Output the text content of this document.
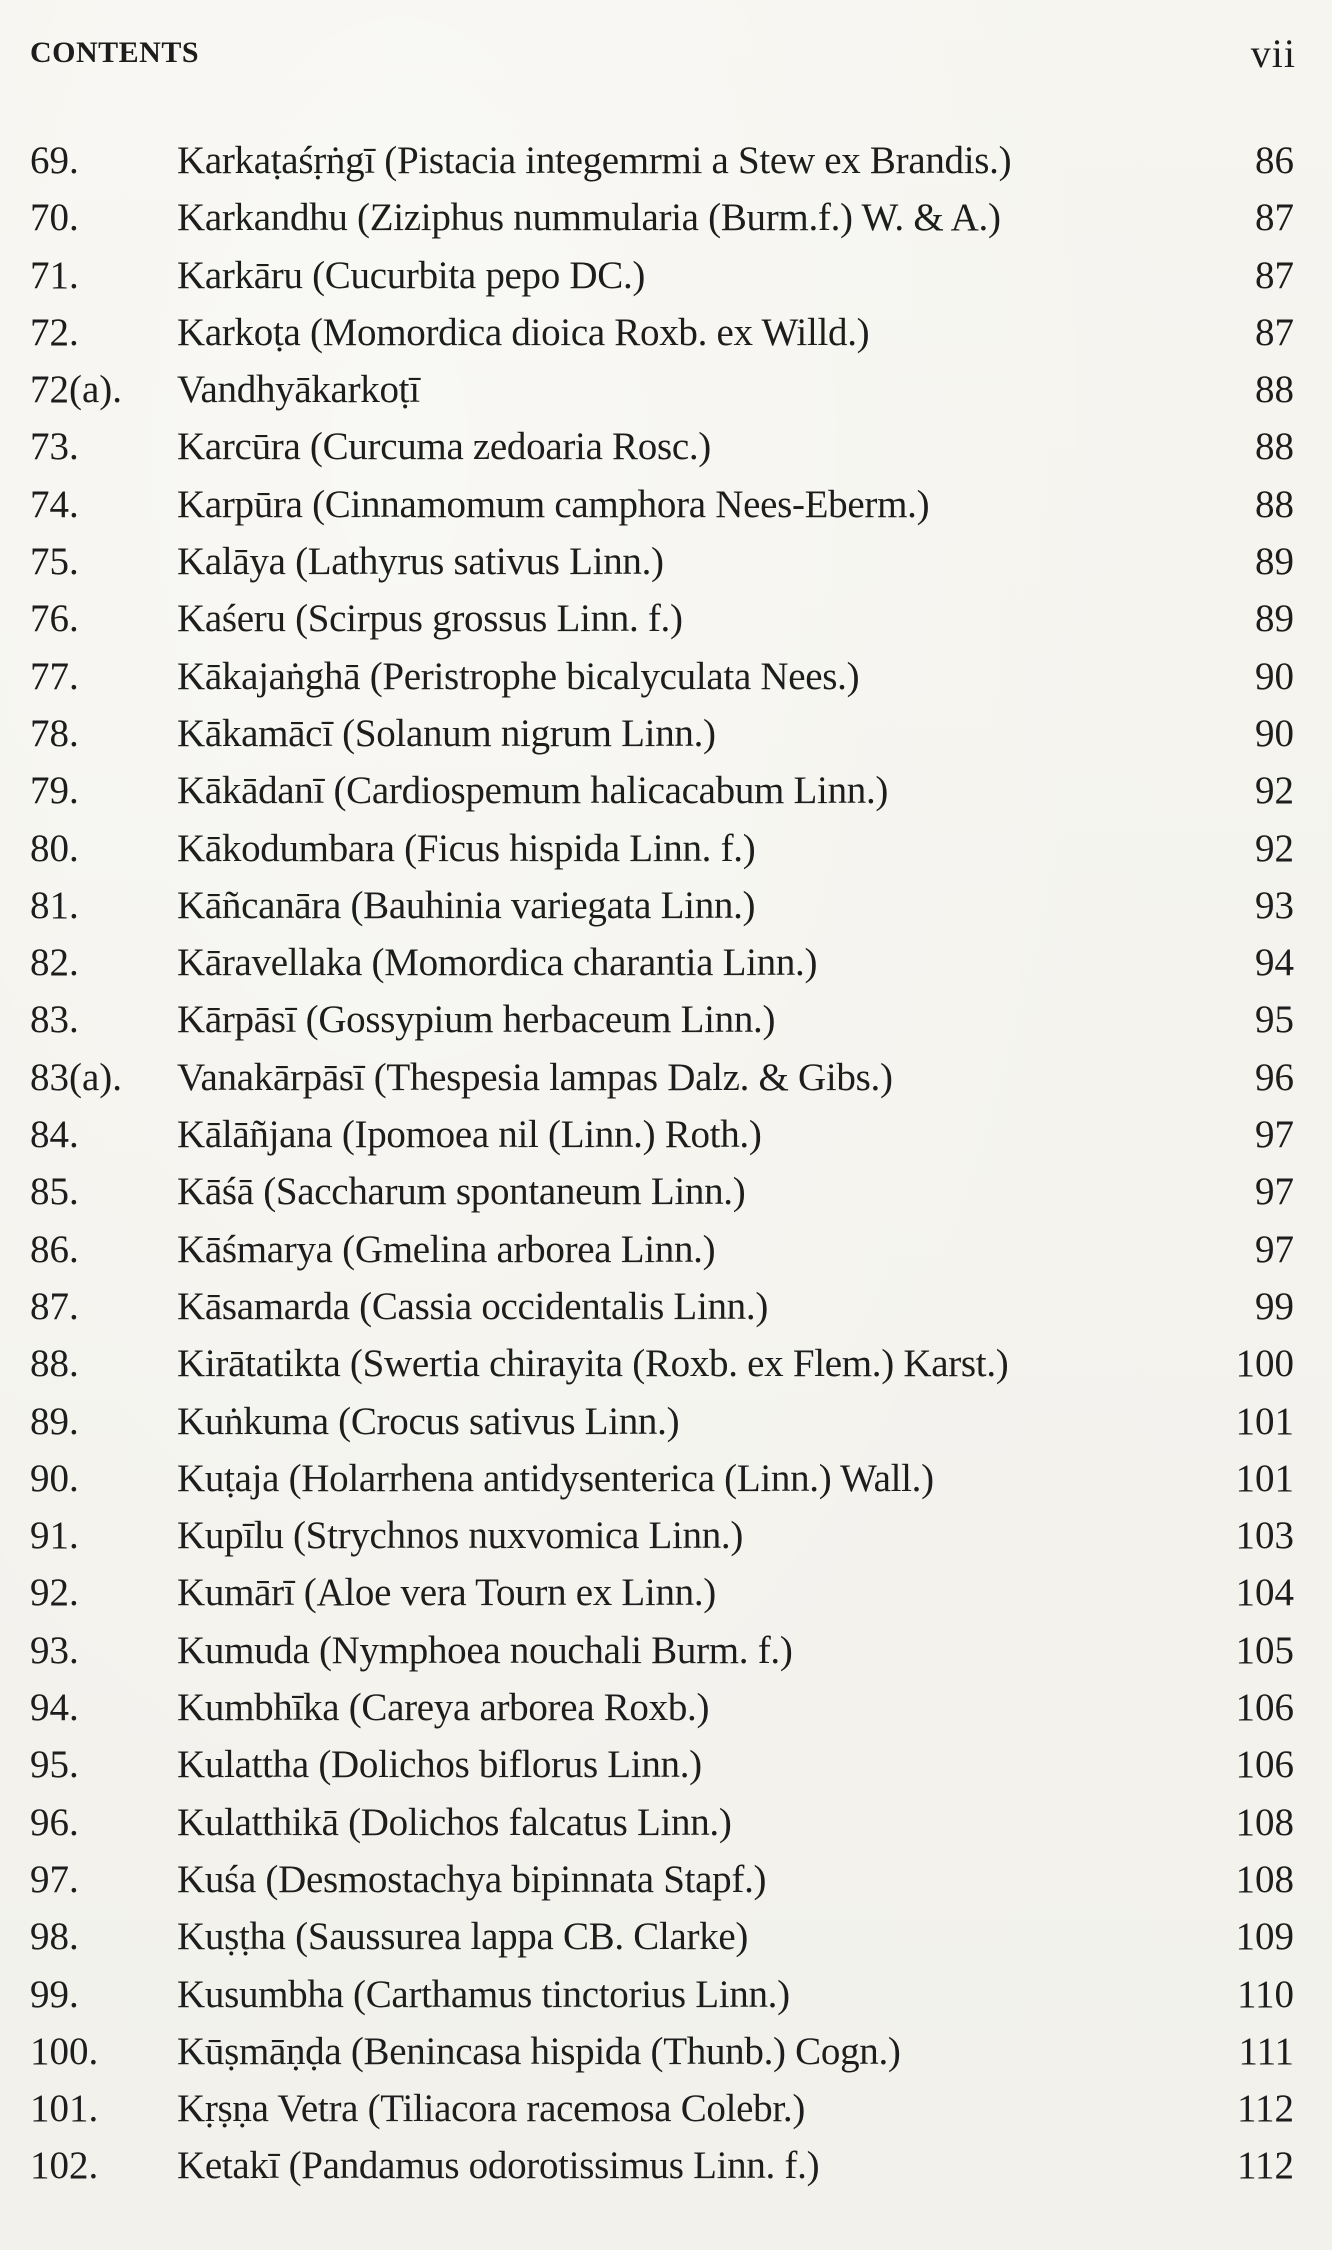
CONTENTS	vii
69.	Karkaṭaśṛṅgī (Pistacia integemrmi a Stew ex Brandis.)	86
70.	Karkandhu (Ziziphus nummularia (Burm.f.) W. & A.)	87
71.	Karkāru (Cucurbita pepo DC.)	87
72.	Karkoṭa (Momordica dioica Roxb. ex Willd.)	87
72(a). Vandhyākarkoṭī	88
73.	Karcūra (Curcuma zedoaria Rosc.)	88
74.	Karpūra (Cinnamomum camphora Nees-Eberm.)	88
75.	Kalāya (Lathyrus sativus Linn.)	89
76.	Kaśeru (Scirpus grossus Linn. f.)	89
77.	Kākajaṅghā (Peristrophe bicalyculata Nees.)	90
78.	Kākamācī (Solanum nigrum Linn.)	90
79.	Kākādanī (Cardiospemum halicacabum Linn.)	92
80.	Kākodumbara (Ficus hispida Linn. f.)	92
81.	Kāñcanāra (Bauhinia variegata Linn.)	93
82.	Kāravellaka (Momordica charantia Linn.)	94
83.	Kārpāsī (Gossypium herbaceum Linn.)	95
83(a). Vanakārpāsī (Thespesia lampas Dalz. & Gibs.)	96
84.	Kālāñjana (Ipomoea nil (Linn.) Roth.)	97
85.	Kāśā (Saccharum spontaneum Linn.)	97
86.	Kāśmarya (Gmelina arborea Linn.)	97
87.	Kāsamarda (Cassia occidentalis Linn.)	99
88.	Kirātatikta (Swertia chirayita (Roxb. ex Flem.) Karst.)	100
89.	Kuṅkuma (Crocus sativus Linn.)	101
90.	Kuṭaja (Holarrhena antidysenterica (Linn.) Wall.)	101
91.	Kupīlu (Strychnos nuxvomica Linn.)	103
92.	Kumārī (Aloe vera Tourn ex Linn.)	104
93.	Kumuda (Nymphoea nouchali Burm. f.)	105
94.	Kumbhīka (Careya arborea Roxb.)	106
95.	Kulattha (Dolichos biflorus Linn.)	106
96.	Kulatthikā (Dolichos falcatus Linn.)	108
97.	Kuśa (Desmostachya bipinnata Stapf.)	108
98.	Kuṣṭha (Saussurea lappa CB. Clarke)	109
99.	Kusumbha (Carthamus tinctorius Linn.)	110
100. Kūṣmāṇḍa (Benincasa hispida (Thunb.) Cogn.)	111
101. Kṛṣṇa Vetra (Tiliacora racemosa Colebr.)	112
102. Ketakī (Pandamus odorotissimus Linn. f.)	112
